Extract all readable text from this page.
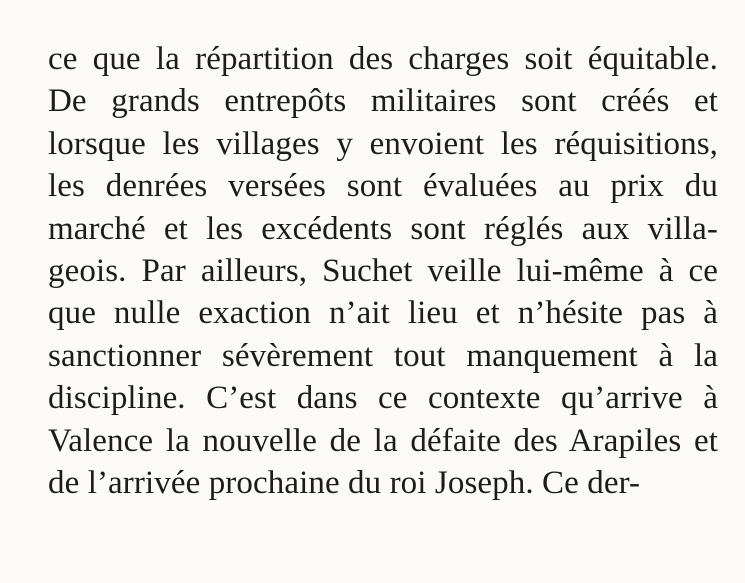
ce que la répartition des charges soit équitable.
De grands entrepôts militaires sont créés et
lorsque les villages y envoient les réquisitions,
les denrées versées sont évaluées au prix du
marché et les excédents sont réglés aux villa-
geois. Par ailleurs, Suchet veille lui-même à ce
que nulle exaction n’ait lieu et n’hésite pas à
sanctionner sévèrement tout manquement à la
discipline. C’est dans ce contexte qu’arrive à
Valence la nouvelle de la défaite des Arapiles et
de l’arrivée prochaine du roi Joseph. Ce der-
